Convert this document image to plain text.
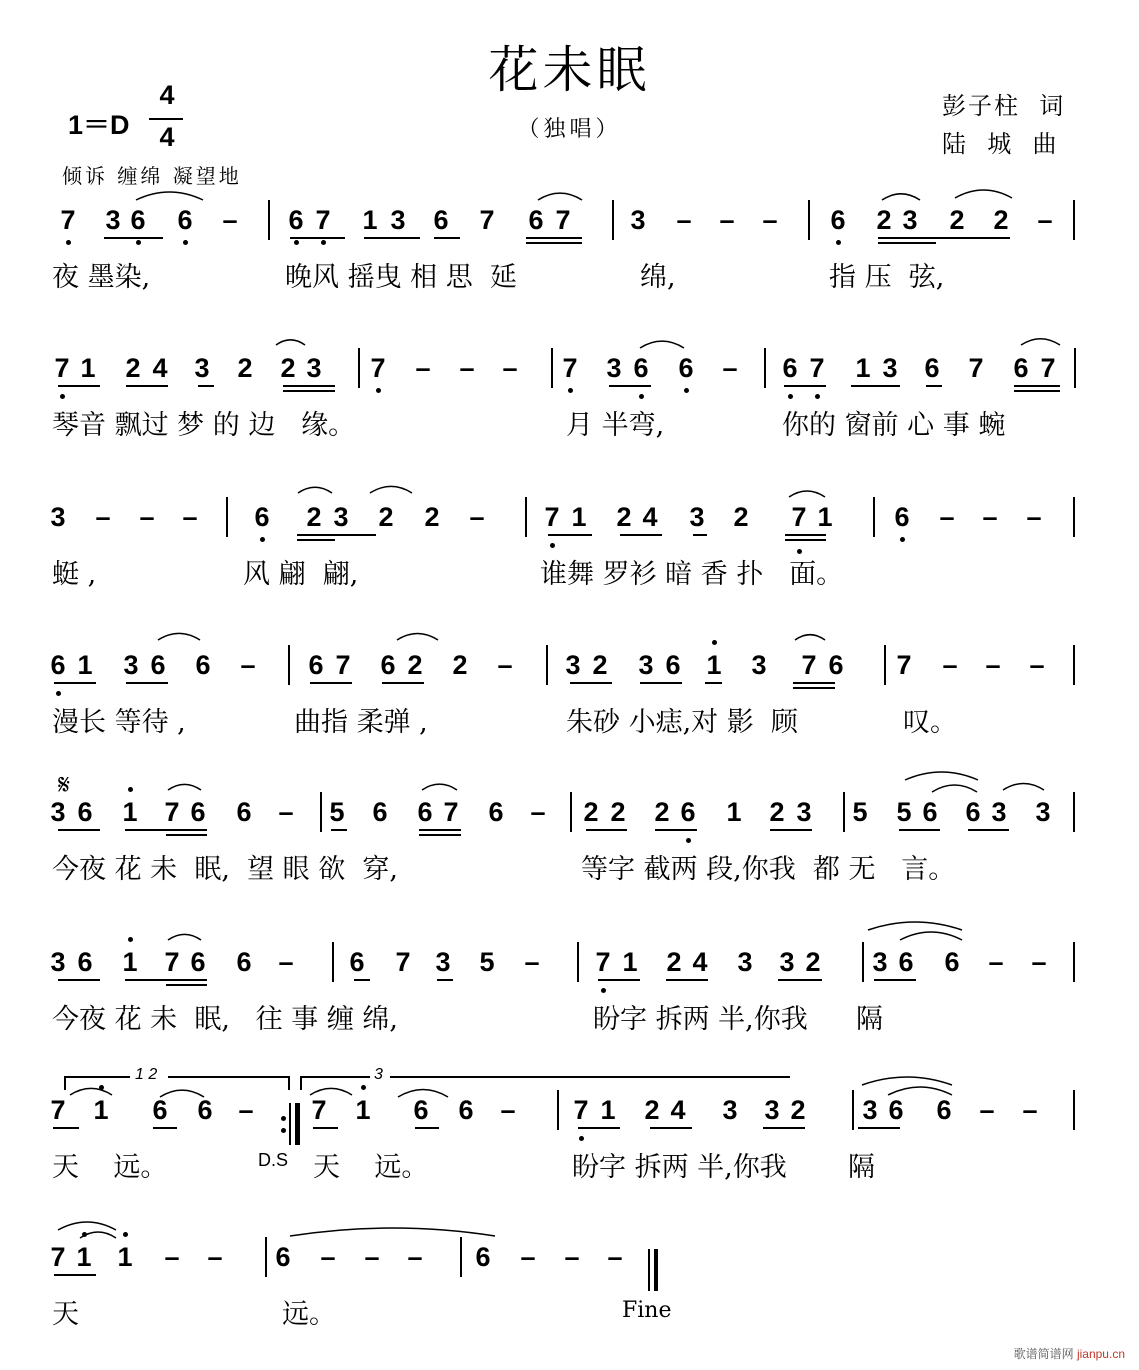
花未眠
（独唱）
彭子柱  词
陆  城  曲
1＝D
4
4
倾诉 缠绵 凝望地
7 3 6 6 – 6 7 1 3 6 7 6 7 3 – – – 6 2 3 2 2 –
夜 墨染,	晚风 摇曳 相 思  延	绵,	指 压  弦,
7 1 2 4 3 2 2 3 7 – – – 7 3 6 6 – 6 7 1 3 6 7 6 7
琴音 飘过 梦 的 边   缘。	月 半弯,	你的 窗前 心 事 蜿
3 – – – 6 2 3 2 2 – 7 1 2 4 3 2 7 1 6 – – –
蜓 ,	风 翩  翩,	谁舞 罗衫 暗 香 扑   面。
6 1 3 6 6 – 6 7 6 2 2 – 3 2 3 6 1 3 7 6 7 – – –
漫长 等待 ,	曲指 柔弹 ,	朱砂 小痣,对 影  顾	叹。
3 6 1 7 6 6 – 5 6 6 7 6 – 2 2 2 6 1 2 3 5 5 6 6 3 3
今夜 花 未  眠,  望 眼 欲  穿,	等字 截两 段,你我  都 无   言。
3 6 1 7 6 6 – 6 7 3 5 – 7 1 2 4 3 3 2 3 6 6 – –
今夜 花 未  眠,   往 事 缠 绵,	盼字 拆两 半,你我 隔
7 1 6 6 – 7 1 6 6 – 7 1 2 4 3 3 2 3 6 6 – –
天    远。	天    远。	盼字 拆两 半,你我 隔
7 1 1 – – 6 – – – 6 – – –
天	远。
𝄋
1 2	3
D.S
Fine
歌谱简谱网 jianpu.cn
